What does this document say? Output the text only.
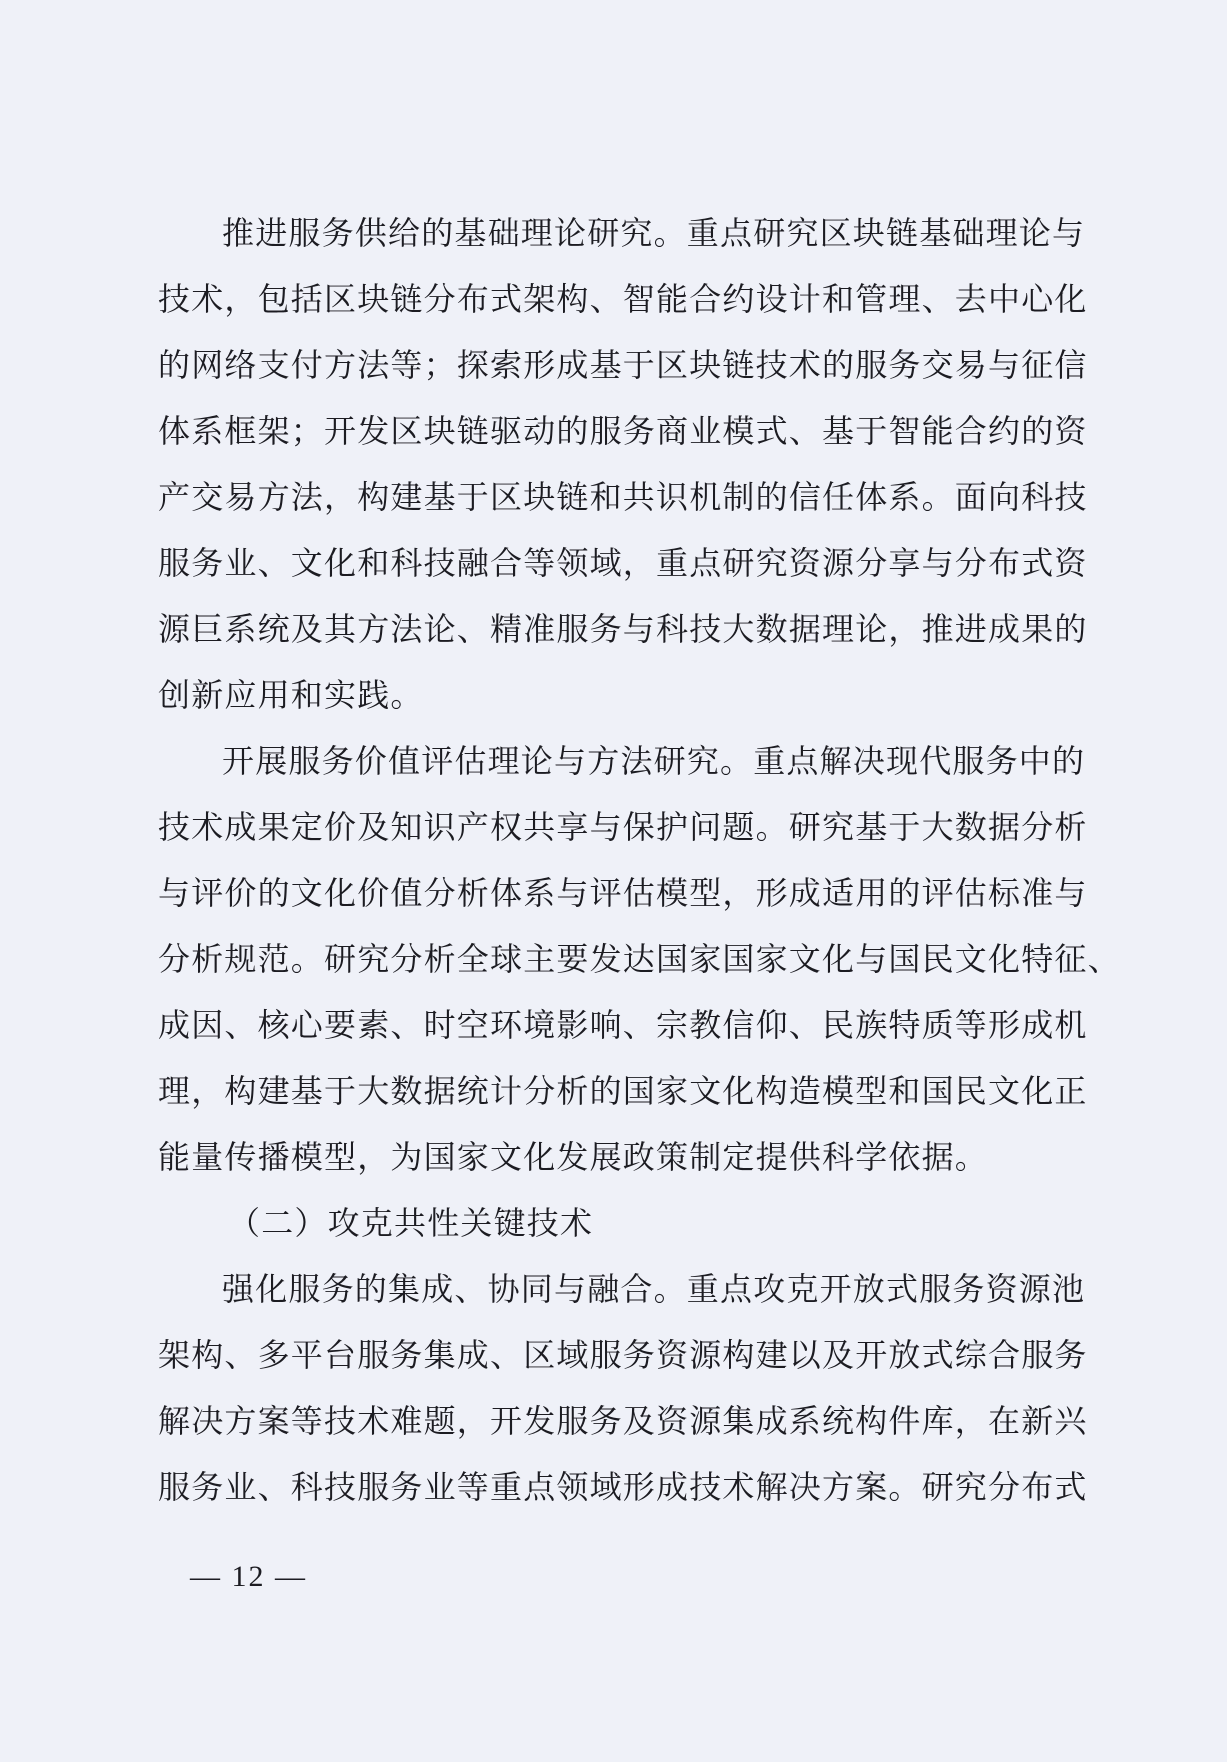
推进服务供给的基础理论研究。重点研究区块链基础理论与
技术，包括区块链分布式架构、智能合约设计和管理、去中心化
的网络支付方法等；探索形成基于区块链技术的服务交易与征信
体系框架；开发区块链驱动的服务商业模式、基于智能合约的资
产交易方法，构建基于区块链和共识机制的信任体系。面向科技
服务业、文化和科技融合等领域，重点研究资源分享与分布式资
源巨系统及其方法论、精准服务与科技大数据理论，推进成果的
创新应用和实践。
开展服务价值评估理论与方法研究。重点解决现代服务中的
技术成果定价及知识产权共享与保护问题。研究基于大数据分析
与评价的文化价值分析体系与评估模型，形成适用的评估标准与
分析规范。研究分析全球主要发达国家国家文化与国民文化特征、
成因、核心要素、时空环境影响、宗教信仰、民族特质等形成机
理，构建基于大数据统计分析的国家文化构造模型和国民文化正
能量传播模型，为国家文化发展政策制定提供科学依据。
（二）攻克共性关键技术
强化服务的集成、协同与融合。重点攻克开放式服务资源池
架构、多平台服务集成、区域服务资源构建以及开放式综合服务
解决方案等技术难题，开发服务及资源集成系统构件库，在新兴
服务业、科技服务业等重点领域形成技术解决方案。研究分布式
— 12 —
